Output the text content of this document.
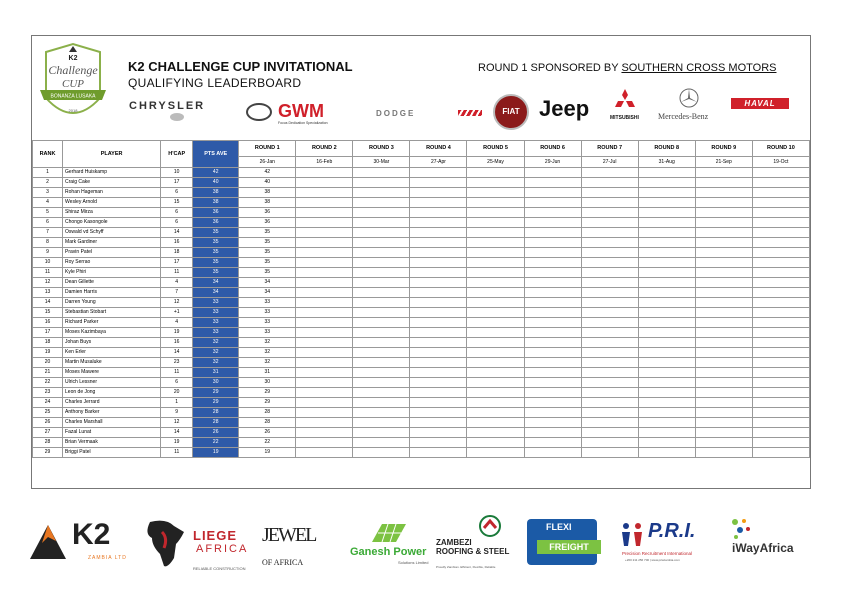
K2
Challenge
CUP
BONANZA LUSAKA
2018
K2 CHALLENGE CUP INVITATIONAL
QUALIFYING LEADERBOARD
ROUND 1 SPONSORED BY SOUTHERN CROSS MOTORS
CHRYSLER	GWM
Focus Dedication Specialization
DODGE	FIAT Jeep	MITSUBISHI Mercedes-Benz
HAVAL
RANK	PLAYER	H'CAP	PTS AVE	ROUND 1	ROUND 2	ROUND 3	ROUND 4	ROUND 5	ROUND 6	ROUND 7	ROUND 8	ROUND 9	ROUND 10
				26-Jan	16-Feb	30-Mar	27-Apr	25-May	29-Jun	27-Jul	31-Aug	21-Sep	19-Oct
1	Gerhard Huiskamp	10	42	42									
2	Craig Cake	17	40	40									
3	Rohan Hageman	6	38	38									
4	Wesley Arnold	15	38	38									
5	Shiraz Mirza	6	36	36									
6	Chongo Kasongole	6	36	36									
7	Oswald vd Schyff	14	35	35									
8	Mark Gardiner	16	35	35									
9	Pravin Patel	18	35	35									
10	Roy Serrao	17	35	35									
11	Kyle Phiri	11	35	35									
12	Dean Gillette	4	34	34									
13	Damien Harris	7	34	34									
14	Darren Young	12	33	33									
15	Stebastian Stobart	+1	33	33									
16	Richard Parker	4	33	33									
17	Moses Kazimbaya	19	33	33									
18	Johan Buys	16	32	32									
19	Ken Erler	14	32	32									
20	Martin Musaluke	23	32	32									
21	Moses Mawere	11	31	31									
22	Ulrich Lessner	6	30	30									
23	Leon de Jong	20	29	29									
24	Charles Jerrard	1	29	29									
25	Anthony Barker	9	28	28									
26	Charles Marshall	12	28	28									
27	Fazal Lunat	14	26	26									
28	Brian Vermaak	19	22	22									
29	Briggi Patel	11	19	19									
K2
ZAMBIA LTD
LIEGE
AFRICA
RELIABLE CONSTRUCTION
JEWEL
OF AFRICA
Ganesh Power
Solutions Limited
ZAMBEZI
ROOFING & STEEL
Proudly Zambian. Efficient, Flexible, Reliable
FLEXI
FREIGHT
P.R.I.
Precision Recruitment International
+260 211 256 700 | www.priazambia.com
iWayAfrica
